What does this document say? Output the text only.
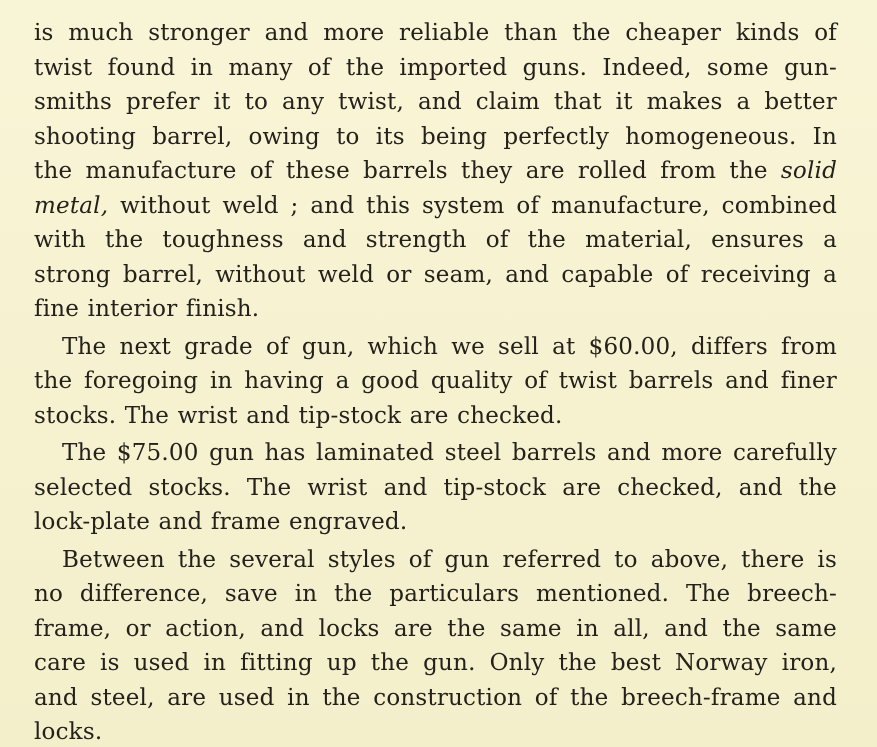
is much stronger and more reliable than the cheaper kinds of
twist found in many of the imported guns. Indeed, some gun-
smiths prefer it to any twist, and claim that it makes a better
shooting barrel, owing to its being perfectly homogeneous. In
the manufacture of these barrels they are rolled from the solid
metal, without weld ; and this system of manufacture, combined
with the toughness and strength of the material, ensures a
strong barrel, without weld or seam, and capable of receiving a
fine interior finish.
The next grade of gun, which we sell at $60.00, differs from
the foregoing in having a good quality of twist barrels and finer
stocks. The wrist and tip-stock are checked.
The $75.00 gun has laminated steel barrels and more carefully
selected stocks. The wrist and tip-stock are checked, and the
lock-plate and frame engraved.
Between the several styles of gun referred to above, there is
no difference, save in the particulars mentioned. The breech-
frame, or action, and locks are the same in all, and the same
care is used in fitting up the gun. Only the best Norway iron,
and steel, are used in the construction of the breech-frame and
locks.
